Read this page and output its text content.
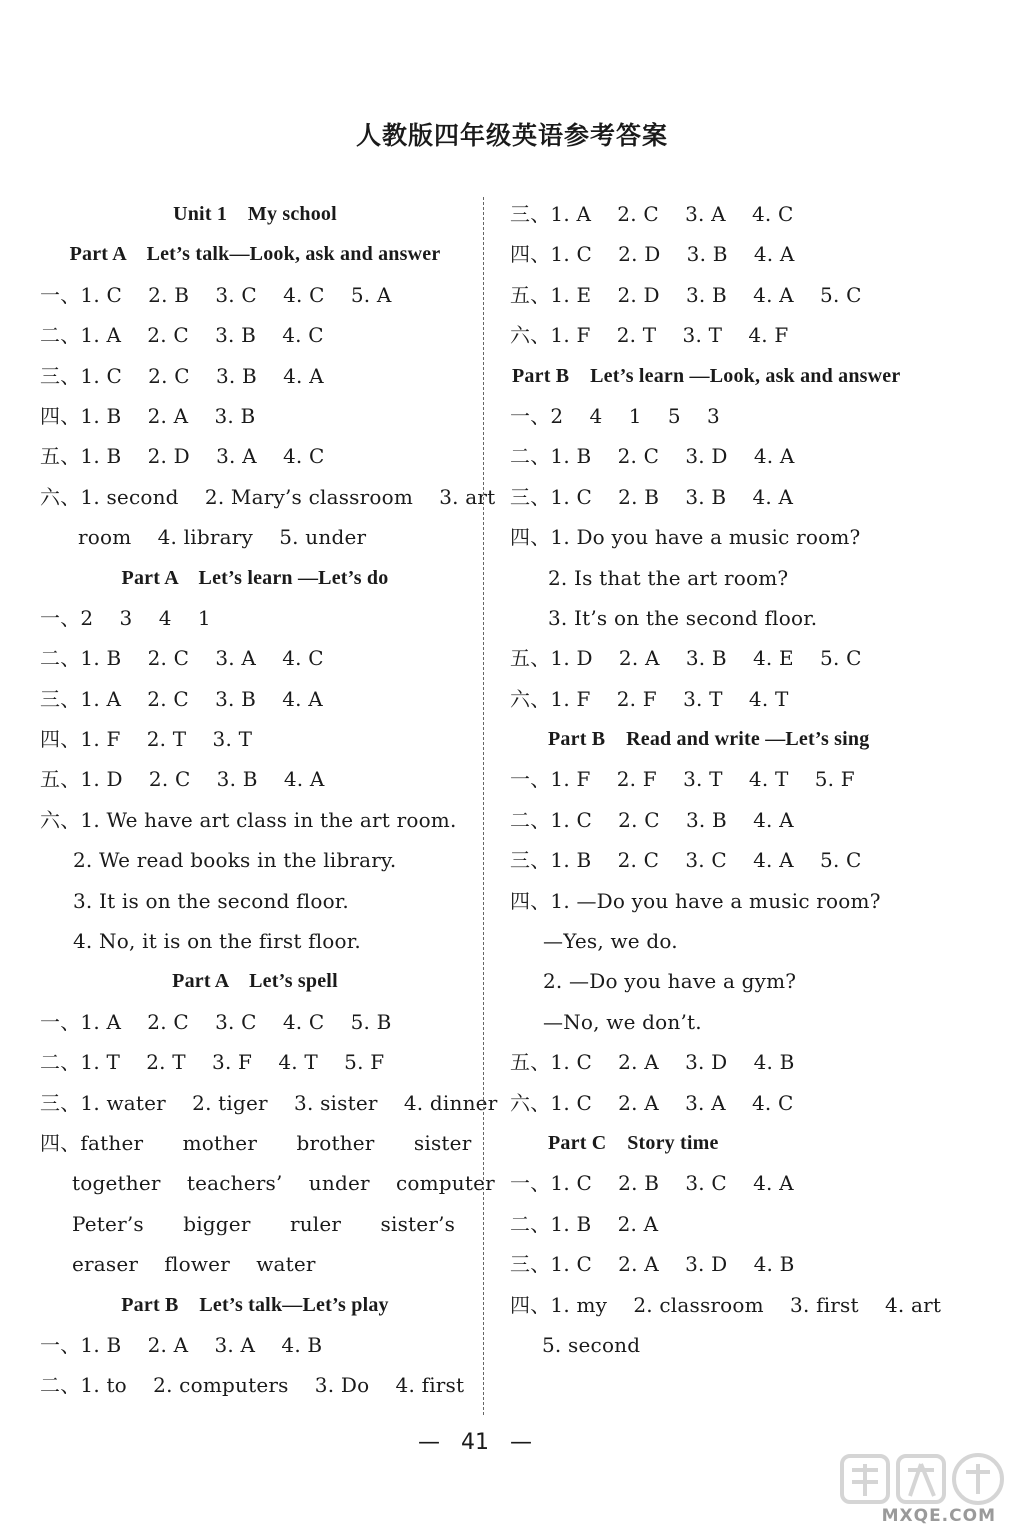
人教版四年级英语参考答案
Unit 1    My school
Part A    Let’s talk—Look, ask and answer
一、1. C    2. B    3. C    4. C    5. A
二、1. A    2. C    3. B    4. C
三、1. C    2. C    3. B    4. A
四、1. B    2. A    3. B
五、1. B    2. D    3. A    4. C
六、1. second    2. Mary’s classroom    3. art
room    4. library    5. under
Part A    Let’s learn —Let’s do
一、2    3    4    1
二、1. B    2. C    3. A    4. C
三、1. A    2. C    3. B    4. A
四、1. F    2. T    3. T
五、1. D    2. C    3. B    4. A
六、1. We have art class in the art room.
2. We read books in the library.
3. It is on the second floor.
4. No, it is on the first floor.
Part A    Let’s spell
一、1. A    2. C    3. C    4. C    5. B
二、1. T    2. T    3. F    4. T    5. F
三、1. water    2. tiger    3. sister    4. dinner
四、father      mother      brother      sister
together    teachers’    under    computer
Peter’s      bigger      ruler      sister’s
eraser    flower    water
Part B    Let’s talk—Let’s play
一、1. B    2. A    3. A    4. B
二、1. to    2. computers    3. Do    4. first
三、1. A    2. C    3. A    4. C
四、1. C    2. D    3. B    4. A
五、1. E    2. D    3. B    4. A    5. C
六、1. F    2. T    3. T    4. F
Part B    Let’s learn —Look, ask and answer
一、2    4    1    5    3
二、1. B    2. C    3. D    4. A
三、1. C    2. B    3. B    4. A
四、1. Do you have a music room?
2. Is that the art room?
3. It’s on the second floor.
五、1. D    2. A    3. B    4. E    5. C
六、1. F    2. F    3. T    4. T
Part B    Read and write —Let’s sing
一、1. F    2. F    3. T    4. T    5. F
二、1. C    2. C    3. B    4. A
三、1. B    2. C    3. C    4. A    5. C
四、1. —Do you have a music room?
—Yes, we do.
2. —Do you have a gym?
—No, we don’t.
五、1. C    2. A    3. D    4. B
六、1. C    2. A    3. A    4. C
Part C    Story time
一、1. C    2. B    3. C    4. A
二、1. B    2. A
三、1. C    2. A    3. D    4. B
四、1. my    2. classroom    3. first    4. art
5. second
—   41   —
MXQE.COM
